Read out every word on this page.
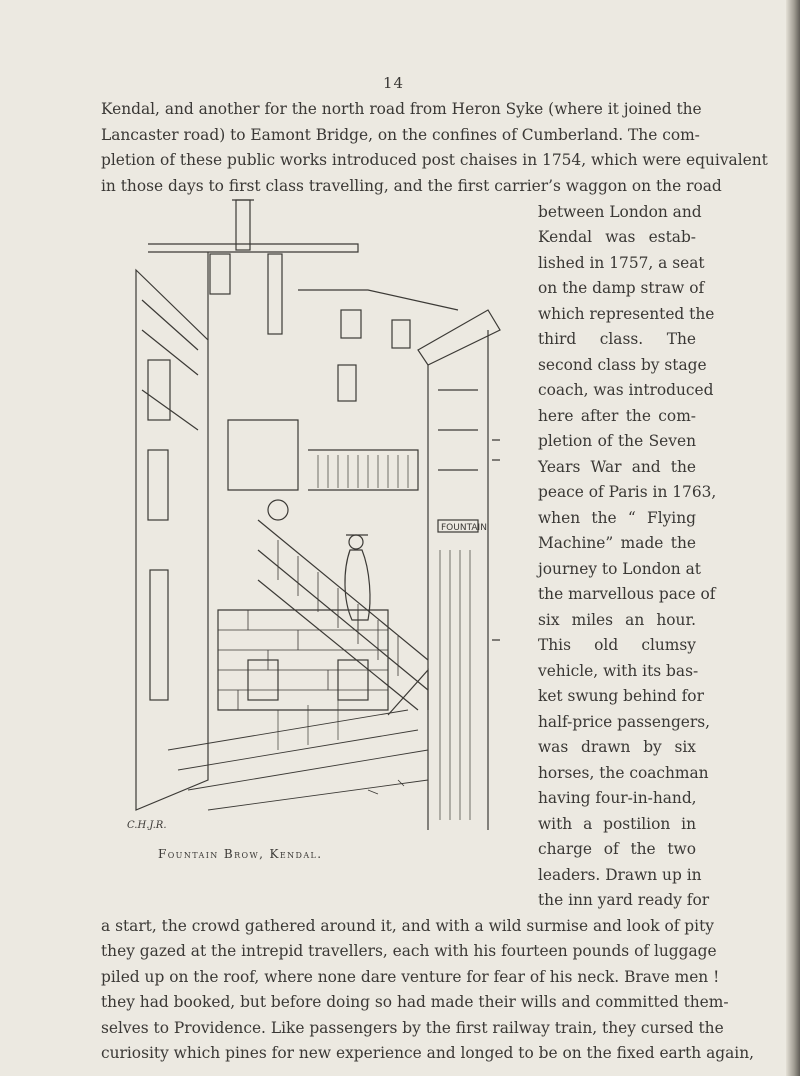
14
Kendal, and another for the north road from Heron Syke (where it joined the
Lancaster road) to Eamont Bridge, on the confines of Cumberland. The com-
pletion of these public works introduced post chaises in 1754, which were equivalent
in those days to first class travelling, and the first carrier’s waggon on the road
between London and
Kendal was estab-
lished in 1757, a seat
on the damp straw of
which represented the
third class. The
second class by stage
coach, was introduced
here after the com-
pletion of the Seven
Years War and the
peace of Paris in 1763,
when the “ Flying
Machine” made the
journey to London at
the marvellous pace of
six miles an hour.
This old clumsy
vehicle, with its bas-
ket swung behind for
half-price passengers,
was drawn by six
horses, the coachman
having four-in-hand,
with a postilion in
charge of the two
leaders. Drawn up in
the inn yard ready for
a start, the crowd gathered around it, and with a wild surmise and look of pity
they gazed at the intrepid travellers, each with his fourteen pounds of luggage
piled up on the roof, where none dare venture for fear of his neck. Brave men !
they had booked, but before doing so had made their wills and committed them-
selves to Providence. Like passengers by the first railway train, they cursed the
curiosity which pines for new experience and longed to be on the fixed earth again,
FOUNTAIN
C.H.J.R.
Fountain Brow, Kendal.
